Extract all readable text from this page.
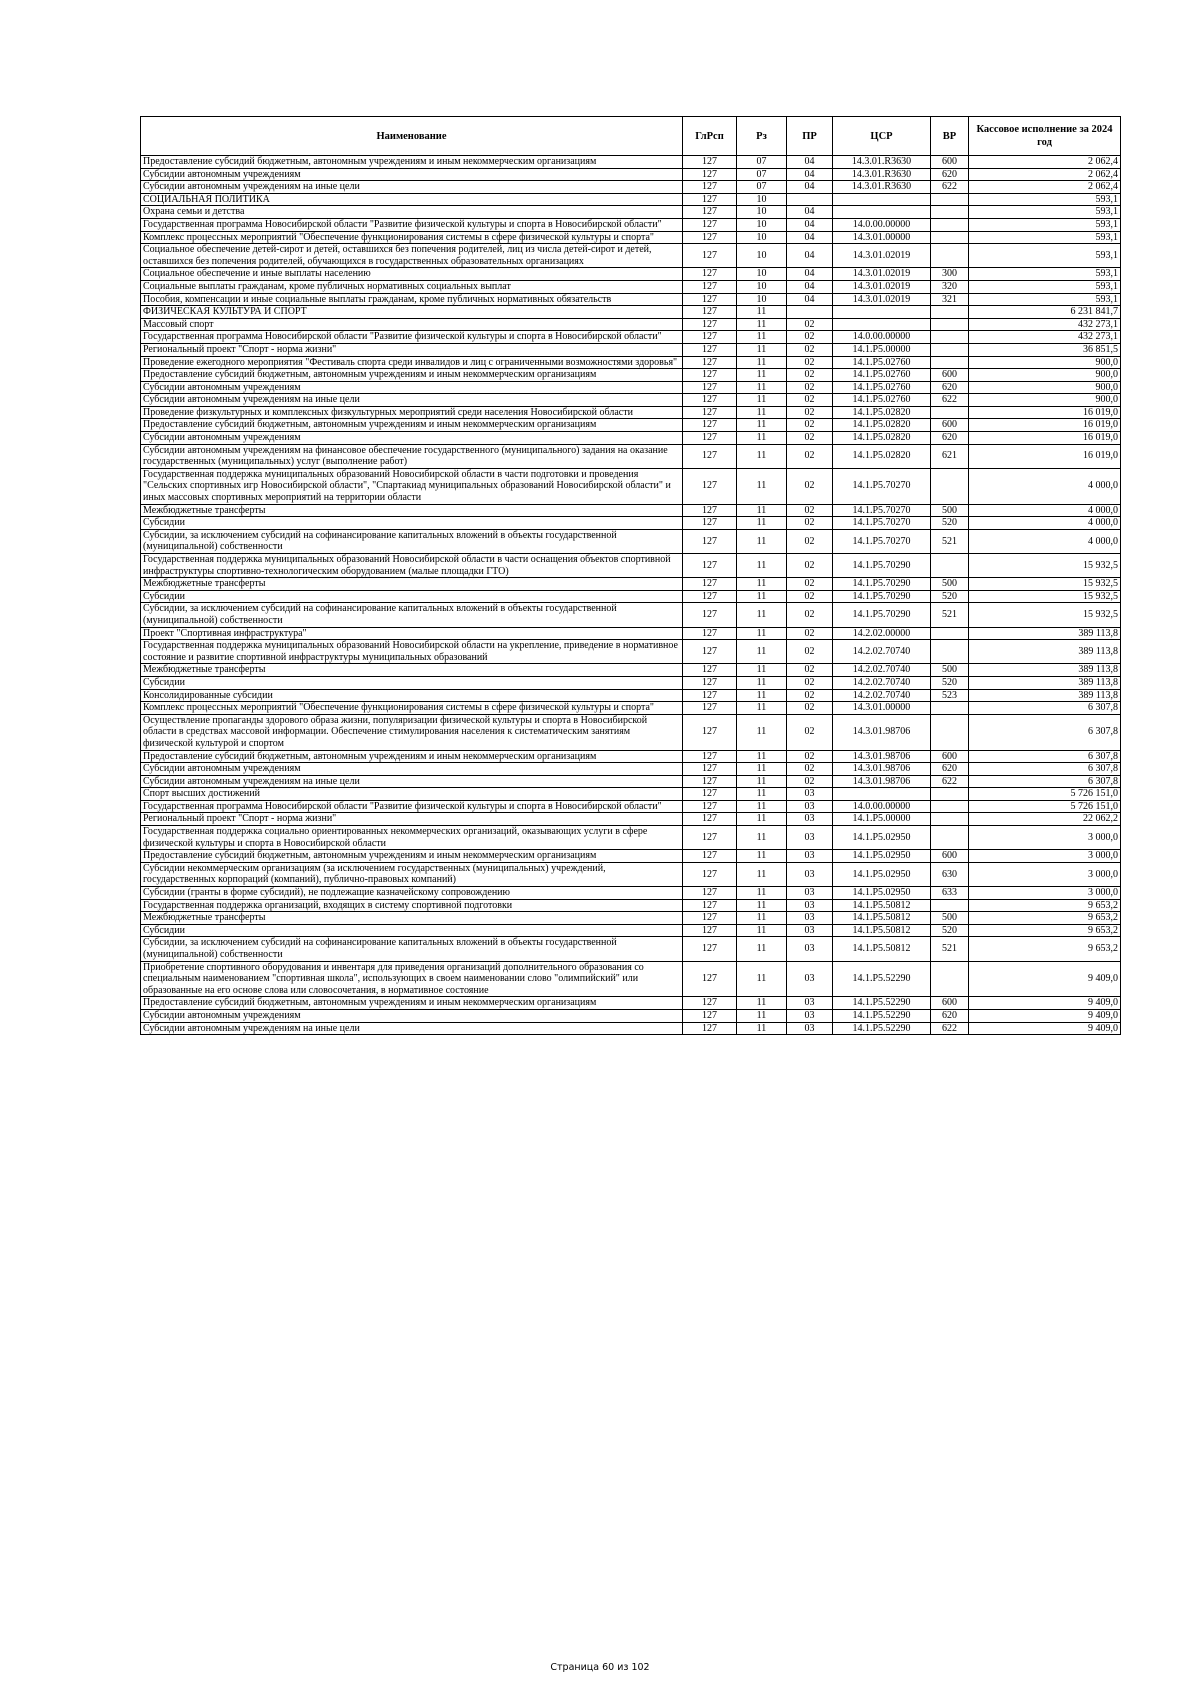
Наименование	ГлРсп	Рз	ПР	ЦСР	ВР	Кассовое исполнение за 2024 год
Предоставление субсидий бюджетным, автономным учреждениям и иным некоммерческим организациям	127	07	04	14.3.01.R3630	600	2 062,4
Субсидии автономным учреждениям	127	07	04	14.3.01.R3630	620	2 062,4
Субсидии автономным учреждениям на иные цели	127	07	04	14.3.01.R3630	622	2 062,4
СОЦИАЛЬНАЯ ПОЛИТИКА	127	10				593,1
Охрана семьи и детства	127	10	04			593,1
Государственная программа Новосибирской области "Развитие физической культуры и спорта в Новосибирской области"	127	10	04	14.0.00.00000		593,1
Комплекс процессных мероприятий "Обеспечение функционирования системы в сфере физической культуры и спорта"	127	10	04	14.3.01.00000		593,1
Социальное обеспечение детей-сирот и детей, оставшихся без попечения родителей, лиц из числа детей-сирот и детей, оставшихся без попечения родителей, обучающихся в государственных образовательных организациях	127	10	04	14.3.01.02019		593,1
Социальное обеспечение и иные выплаты населению	127	10	04	14.3.01.02019	300	593,1
Социальные выплаты гражданам, кроме публичных нормативных социальных выплат	127	10	04	14.3.01.02019	320	593,1
Пособия, компенсации и иные социальные выплаты гражданам, кроме публичных нормативных обязательств	127	10	04	14.3.01.02019	321	593,1
ФИЗИЧЕСКАЯ КУЛЬТУРА И СПОРТ	127	11				6 231 841,7
Массовый спорт	127	11	02			432 273,1
Государственная программа Новосибирской области "Развитие физической культуры и спорта в Новосибирской области"	127	11	02	14.0.00.00000		432 273,1
Региональный проект "Спорт - норма жизни"	127	11	02	14.1.P5.00000		36 851,5
Проведение ежегодного мероприятия "Фестиваль спорта среди инвалидов и лиц с ограниченными возможностями здоровья"	127	11	02	14.1.P5.02760		900,0
Предоставление субсидий бюджетным, автономным учреждениям и иным некоммерческим организациям	127	11	02	14.1.P5.02760	600	900,0
Субсидии автономным учреждениям	127	11	02	14.1.P5.02760	620	900,0
Субсидии автономным учреждениям на иные цели	127	11	02	14.1.P5.02760	622	900,0
Проведение физкультурных и комплексных физкультурных мероприятий среди населения Новосибирской области	127	11	02	14.1.P5.02820		16 019,0
Предоставление субсидий бюджетным, автономным учреждениям и иным некоммерческим организациям	127	11	02	14.1.P5.02820	600	16 019,0
Субсидии автономным учреждениям	127	11	02	14.1.P5.02820	620	16 019,0
Субсидии автономным учреждениям на финансовое обеспечение государственного (муниципального) задания на оказание государственных (муниципальных) услуг (выполнение работ)	127	11	02	14.1.P5.02820	621	16 019,0
Государственная поддержка муниципальных образований Новосибирской области в части подготовки и проведения "Сельских спортивных игр Новосибирской области", "Спартакиад муниципальных образований Новосибирской области" и иных массовых спортивных мероприятий на территории области	127	11	02	14.1.P5.70270		4 000,0
Межбюджетные трансферты	127	11	02	14.1.P5.70270	500	4 000,0
Субсидии	127	11	02	14.1.P5.70270	520	4 000,0
Субсидии, за исключением субсидий на софинансирование капитальных вложений в объекты государственной (муниципальной) собственности	127	11	02	14.1.P5.70270	521	4 000,0
Государственная поддержка муниципальных образований Новосибирской области в части оснащения объектов спортивной инфраструктуры спортивно-технологическим оборудованием (малые площадки ГТО)	127	11	02	14.1.P5.70290		15 932,5
Межбюджетные трансферты	127	11	02	14.1.P5.70290	500	15 932,5
Субсидии	127	11	02	14.1.P5.70290	520	15 932,5
Субсидии, за исключением субсидий на софинансирование капитальных вложений в объекты государственной (муниципальной) собственности	127	11	02	14.1.P5.70290	521	15 932,5
Проект "Спортивная инфраструктура"	127	11	02	14.2.02.00000		389 113,8
Государственная поддержка муниципальных образований Новосибирской области на укрепление, приведение в нормативное состояние и развитие спортивной инфраструктуры муниципальных образований	127	11	02	14.2.02.70740		389 113,8
Межбюджетные трансферты	127	11	02	14.2.02.70740	500	389 113,8
Субсидии	127	11	02	14.2.02.70740	520	389 113,8
Консолидированные субсидии	127	11	02	14.2.02.70740	523	389 113,8
Комплекс процессных мероприятий "Обеспечение функционирования системы в сфере физической культуры и спорта"	127	11	02	14.3.01.00000		6 307,8
Осуществление пропаганды здорового образа жизни, популяризации физической культуры и спорта в Новосибирской области в средствах массовой информации. Обеспечение стимулирования населения к систематическим занятиям физической культурой и спортом	127	11	02	14.3.01.98706		6 307,8
Предоставление субсидий бюджетным, автономным учреждениям и иным некоммерческим организациям	127	11	02	14.3.01.98706	600	6 307,8
Субсидии автономным учреждениям	127	11	02	14.3.01.98706	620	6 307,8
Субсидии автономным учреждениям на иные цели	127	11	02	14.3.01.98706	622	6 307,8
Спорт высших достижений	127	11	03			5 726 151,0
Государственная программа Новосибирской области "Развитие физической культуры и спорта в Новосибирской области"	127	11	03	14.0.00.00000		5 726 151,0
Региональный проект "Спорт - норма жизни"	127	11	03	14.1.P5.00000		22 062,2
Государственная поддержка социально ориентированных некоммерческих организаций, оказывающих услуги в сфере физической культуры и спорта в Новосибирской области	127	11	03	14.1.P5.02950		3 000,0
Предоставление субсидий бюджетным, автономным учреждениям и иным некоммерческим организациям	127	11	03	14.1.P5.02950	600	3 000,0
Субсидии некоммерческим организациям (за исключением государственных (муниципальных) учреждений, государственных корпораций (компаний), публично-правовых компаний)	127	11	03	14.1.P5.02950	630	3 000,0
Субсидии (гранты в форме субсидий), не подлежащие казначейскому сопровождению	127	11	03	14.1.P5.02950	633	3 000,0
Государственная поддержка организаций, входящих в систему спортивной подготовки	127	11	03	14.1.P5.50812		9 653,2
Межбюджетные трансферты	127	11	03	14.1.P5.50812	500	9 653,2
Субсидии	127	11	03	14.1.P5.50812	520	9 653,2
Субсидии, за исключением субсидий на софинансирование капитальных вложений в объекты государственной (муниципальной) собственности	127	11	03	14.1.P5.50812	521	9 653,2
Приобретение спортивного оборудования и инвентаря для приведения организаций дополнительного образования со специальным наименованием "спортивная школа", использующих в своем наименовании слово "олимпийский" или образованные на его основе слова или словосочетания, в нормативное состояние	127	11	03	14.1.P5.52290		9 409,0
Предоставление субсидий бюджетным, автономным учреждениям и иным некоммерческим организациям	127	11	03	14.1.P5.52290	600	9 409,0
Субсидии автономным учреждениям	127	11	03	14.1.P5.52290	620	9 409,0
Субсидии автономным учреждениям на иные цели	127	11	03	14.1.P5.52290	622	9 409,0
Страница 60 из 102
